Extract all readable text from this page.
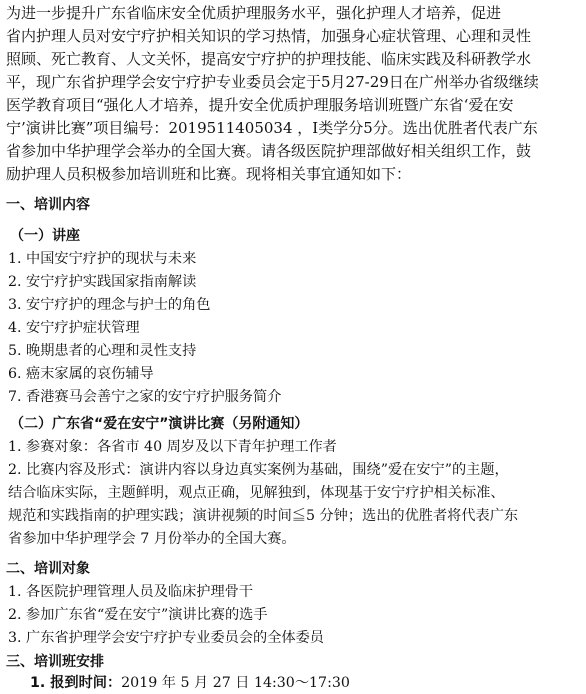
为进一步提升广东省临床安全优质护理服务水平，强化护理人才培养，促进
省内护理人员对安宁疗护相关知识的学习热情，加强身心症状管理、心理和灵性
照顾、死亡教育、人文关怀，提高安宁疗护的护理技能、临床实践及科研教学水
平，现广东省护理学会安宁疗护专业委员会定于5月27-29日在广州举办省级继续
医学教育项目“强化人才培养，提升安全优质护理服务培训班暨广东省‘爱在安
宁’演讲比赛”项目编号：2019511405034 ，Ⅰ类学分5分。选出优胜者代表广东
省参加中华护理学会举办的全国大赛。请各级医院护理部做好相关组织工作，鼓
励护理人员积极参加培训班和比赛。现将相关事宜通知如下：
一、培训内容
（一）讲座
1. 中国安宁疗护的现状与未来
2. 安宁疗护实践国家指南解读
3. 安宁疗护的理念与护士的角色
4. 安宁疗护症状管理
5. 晚期患者的心理和灵性支持
6. 癌末家属的哀伤辅导
7. 香港赛马会善宁之家的安宁疗护服务简介
（二）广东省“爱在安宁”演讲比赛（另附通知）
1. 参赛对象：各省市 40 周岁及以下青年护理工作者
2. 比赛内容及形式：演讲内容以身边真实案例为基础，围绕”爱在安宁”的主题，
结合临床实际，主题鲜明，观点正确，见解独到，体现基于安宁疗护相关标准、
规范和实践指南的护理实践；演讲视频的时间≦5 分钟；选出的优胜者将代表广东
省参加中华护理学会 7 月份举办的全国大赛。
二、培训对象
1. 各医院护理管理人员及临床护理骨干
2. 参加广东省“爱在安宁”演讲比赛的选手
3. 广东省护理学会安宁疗护专业委员会的全体委员
三、培训班安排
1. 报到时间：2019 年 5 月 27 日 14:30～17:30
